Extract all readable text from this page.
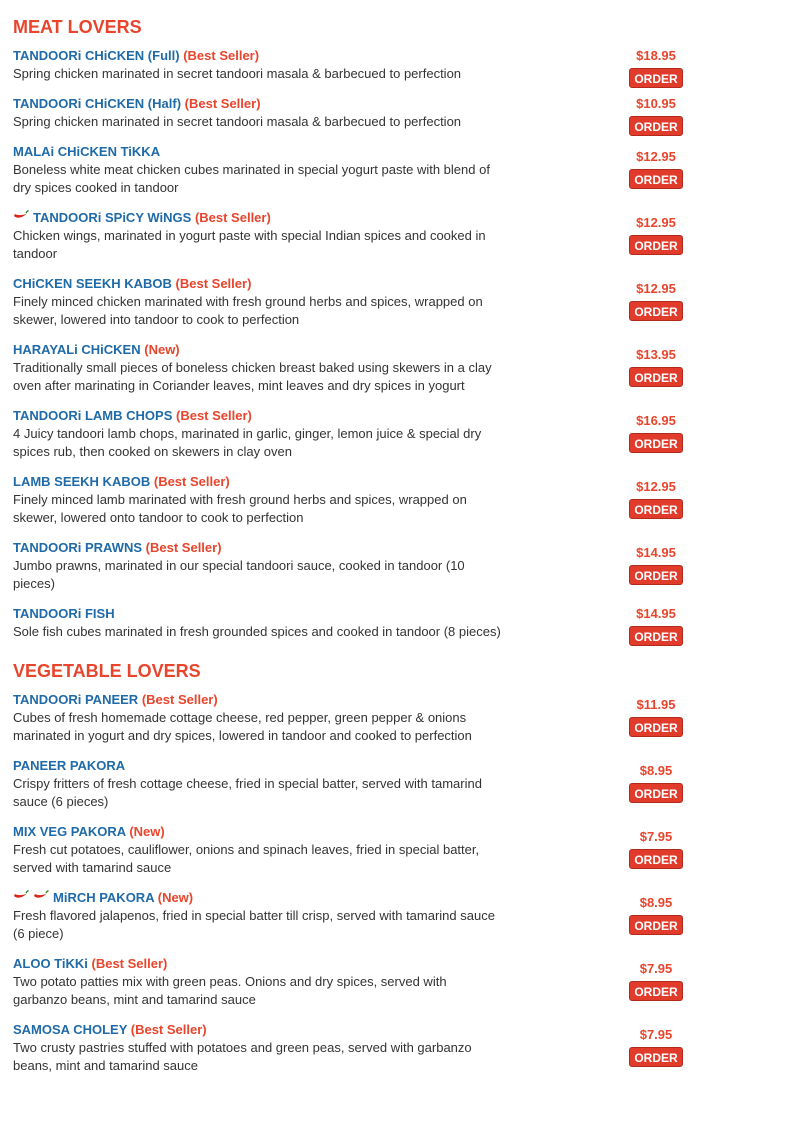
MEAT LOVERS
TANDOORi CHiCKEN (Full) (Best Seller)
Spring chicken marinated in secret tandoori masala & barbecued to perfection
$18.95
ORDER
TANDOORi CHiCKEN (Half) (Best Seller)
Spring chicken marinated in secret tandoori masala & barbecued to perfection
$10.95
ORDER
MALAi CHiCKEN TiKKA
Boneless white meat chicken cubes marinated in special yogurt paste with blend of dry spices cooked in tandoor
$12.95
ORDER
TANDOORi SPiCY WiNGS (Best Seller)
Chicken wings, marinated in yogurt paste with special Indian spices and cooked in tandoor
$12.95
ORDER
CHiCKEN SEEKH KABOB (Best Seller)
Finely minced chicken marinated with fresh ground herbs and spices, wrapped on skewer, lowered into tandoor to cook to perfection
$12.95
ORDER
HARAYALi CHiCKEN (New)
Traditionally small pieces of boneless chicken breast baked using skewers in a clay oven after marinating in Coriander leaves, mint leaves and dry spices in yogurt
$13.95
ORDER
TANDOORi LAMB CHOPS (Best Seller)
4 Juicy tandoori lamb chops, marinated in garlic, ginger, lemon juice & special dry spices rub, then cooked on skewers in clay oven
$16.95
ORDER
LAMB SEEKH KABOB (Best Seller)
Finely minced lamb marinated with fresh ground herbs and spices, wrapped on skewer, lowered onto tandoor to cook to perfection
$12.95
ORDER
TANDOORi PRAWNS (Best Seller)
Jumbo prawns, marinated in our special tandoori sauce, cooked in tandoor (10 pieces)
$14.95
ORDER
TANDOORi FISH
Sole fish cubes marinated in fresh grounded spices and cooked in tandoor (8 pieces)
$14.95
ORDER
VEGETABLE LOVERS
TANDOORi PANEER (Best Seller)
Cubes of fresh homemade cottage cheese, red pepper, green pepper & onions marinated in yogurt and dry spices, lowered in tandoor and cooked to perfection
$11.95
ORDER
PANEER PAKORA
Crispy fritters of fresh cottage cheese, fried in special batter, served with tamarind sauce (6 pieces)
$8.95
ORDER
MIX VEG PAKORA (New)
Fresh cut potatoes, cauliflower, onions and spinach leaves, fried in special batter, served with tamarind sauce
$7.95
ORDER
MiRCH PAKORA (New)
Fresh flavored jalapenos, fried in special batter till crisp, served with tamarind sauce (6 piece)
$8.95
ORDER
ALOO TiKKi (Best Seller)
Two potato patties mix with green peas. Onions and dry spices, served with garbanzo beans, mint and tamarind sauce
$7.95
ORDER
SAMOSA CHOLEY (Best Seller)
Two crusty pastries stuffed with potatoes and green peas, served with garbanzo beans, mint and tamarind sauce
$7.95
ORDER
